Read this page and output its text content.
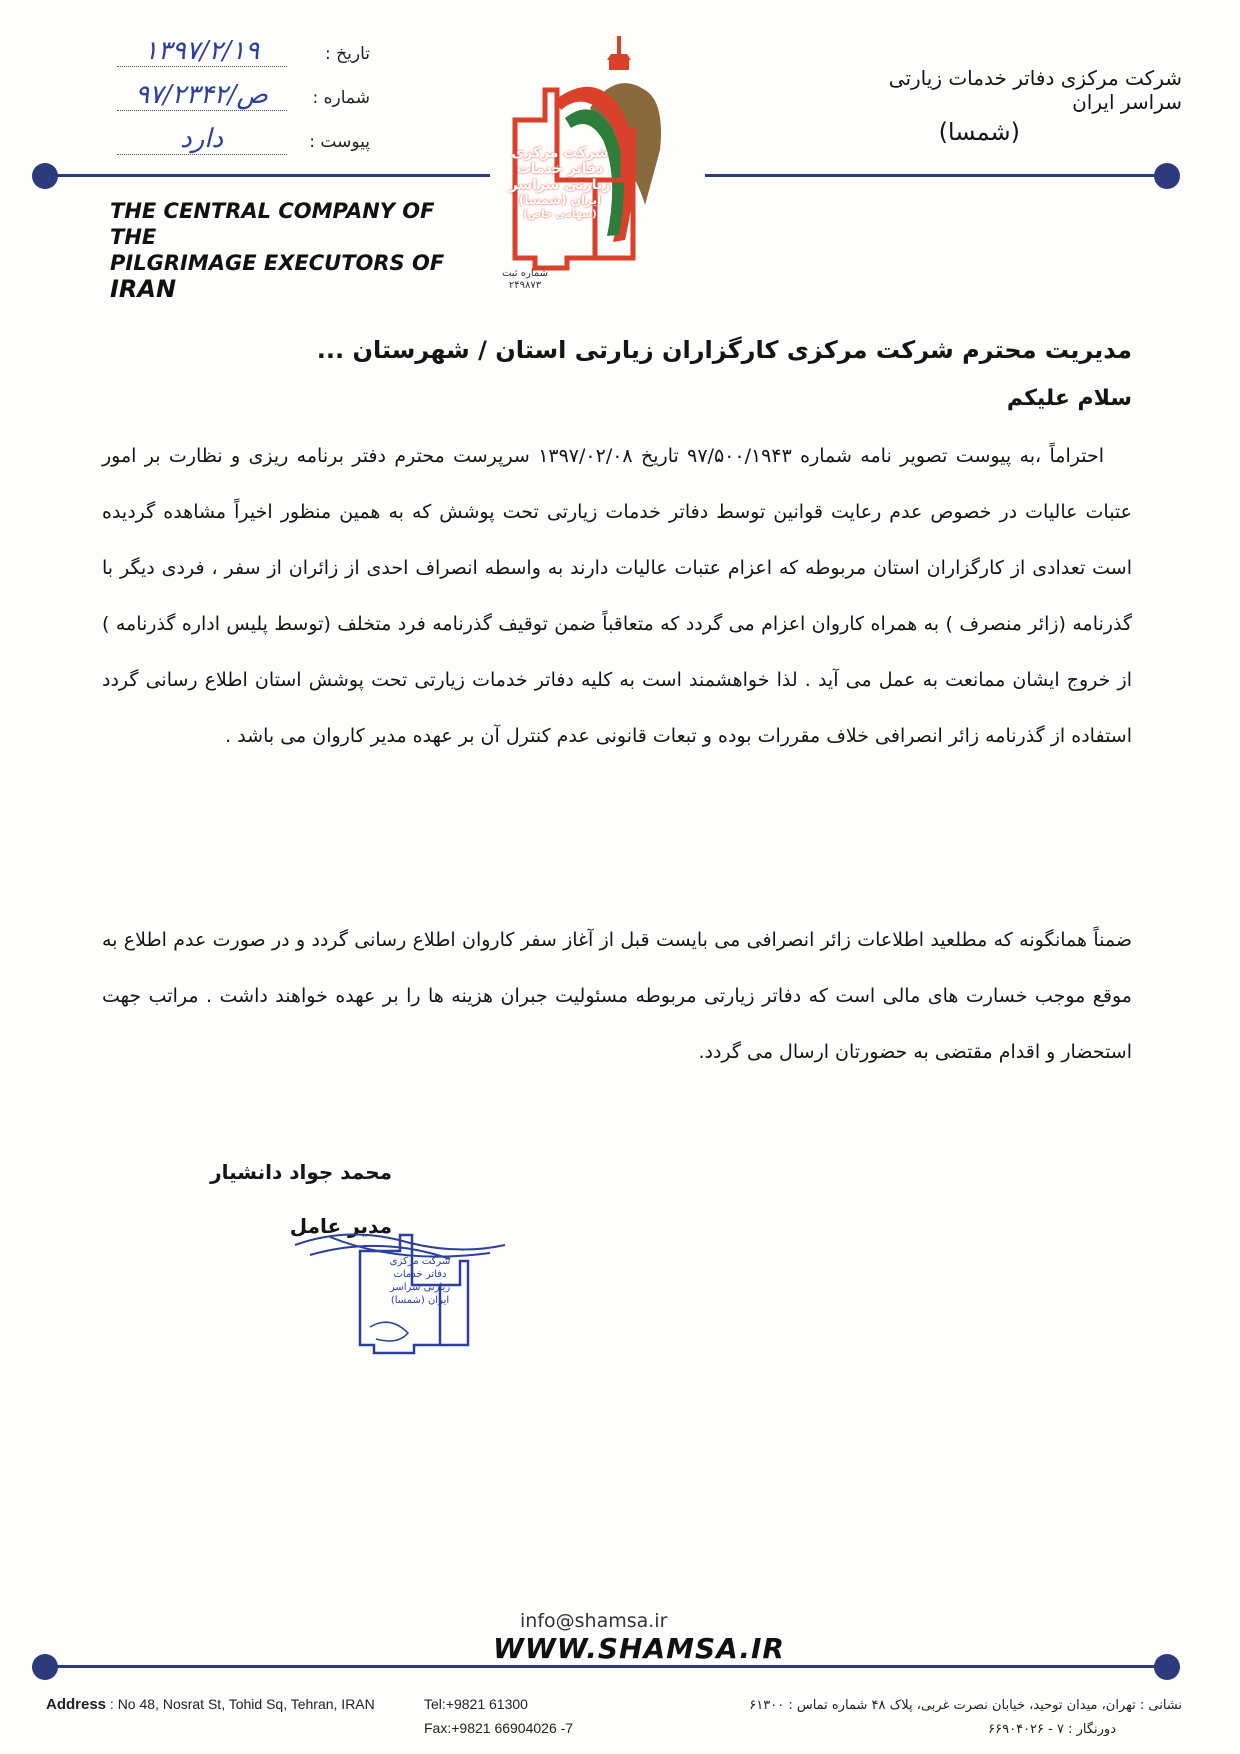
شرکت مرکزی دفاتر خدمات زیارتی سراسر ایران
(شمسا)
تاریخ : ۱۳۹۷/۲/۱۹
شماره : ص/۹۷/۲۳۴۲
پیوست : دارد
THE CENTRAL COMPANY OF THE
PILGRIMAGE EXECUTORS OF IRAN
شرکت مرکزی
دفاتر خدمات
زیارتی سراسر
ایران (شمسا)
(سهامی خاص)
شماره ثبت
۲۴۹۸۷۳
مدیریت محترم شرکت مرکزی کارگزاران زیارتی استان / شهرستان ...
سلام علیکم
احتراماً ،به پیوست تصویر نامه شماره ۹۷/۵۰۰/۱۹۴۳ تاریخ ۱۳۹۷/۰۲/۰۸ سرپرست محترم دفتر برنامه ریزی و نظارت بر امور عتبات عالیات در خصوص عدم رعایت قوانین توسط دفاتر خدمات زیارتی تحت پوشش که به همین منظور اخیراً مشاهده گردیده است تعدادی از کارگزاران استان مربوطه که اعزام عتبات عالیات دارند به واسطه انصراف احدی از زائران از سفر ، فردی دیگر با گذرنامه (زائر منصرف ) به همراه کاروان اعزام می گردد که متعاقباً ضمن توقیف گذرنامه فرد متخلف (توسط پلیس اداره گذرنامه ) از خروج ایشان ممانعت به عمل می آید . لذا خواهشمند است به کلیه دفاتر خدمات زیارتی تحت پوشش استان اطلاع رسانی گردد استفاده از گذرنامه زائر انصرافی خلاف مقررات بوده و تبعات قانونی عدم کنترل آن بر عهده مدیر کاروان می باشد .
ضمناً همانگونه که مطلعید اطلاعات زائر انصرافی می بایست قبل از آغاز سفر کاروان اطلاع رسانی گردد و در صورت عدم اطلاع به موقع موجب خسارت های مالی است که دفاتر زیارتی مربوطه مسئولیت جبران هزینه ها را بر عهده خواهند داشت . مراتب جهت استحضار و اقدام مقتضی به حضورتان ارسال می گردد.
محمد جواد دانشیار
مدیر عامل
شرکت مرکزی
دفاتر خدمات
زیارتی سراسر
ایران (شمسا)
info@shamsa.ir
WWW.SHAMSA.IR
Address : No 48, Nosrat St, Tohid Sq, Tehran, IRAN	Tel:+9821 61300
Fax:+9821 66904026 -7
نشانی : تهران، میدان توحید، خیابان نصرت غربی، پلاک ۴۸ شماره تماس : ۶۱۳۰۰
دورنگار : ۷ - ۶۶۹۰۴۰۲۶
